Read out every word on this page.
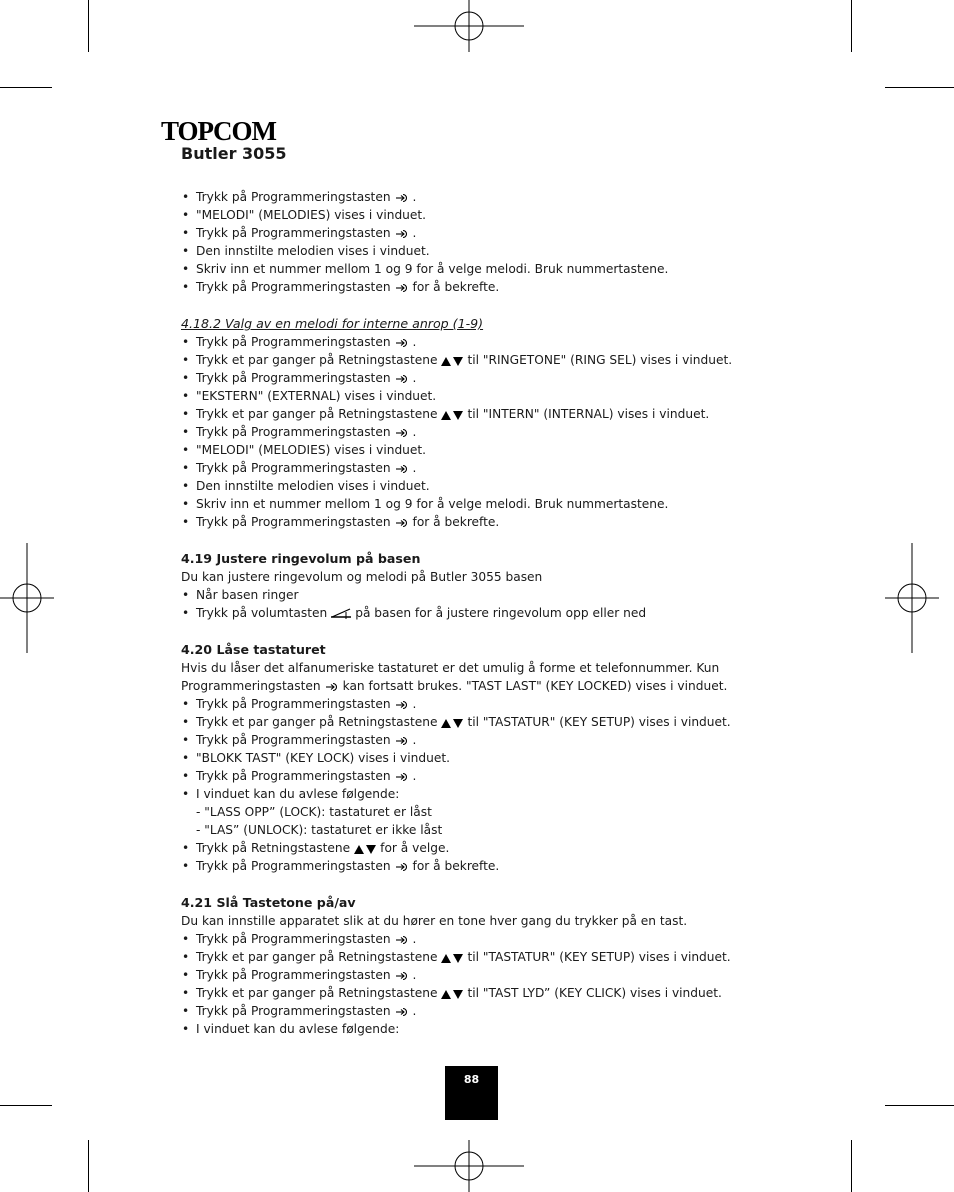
TOPCOM
Butler 3055
• Trykk på Programmeringstasten .
• "MELODI" (MELODIES) vises i vinduet.
• Trykk på Programmeringstasten .
• Den innstilte melodien vises i vinduet.
• Skriv inn et nummer mellom 1 og 9 for å velge melodi. Bruk nummertastene.
• Trykk på Programmeringstasten for å bekrefte.
4.18.2 Valg av en melodi for interne anrop (1-9)
• Trykk på Programmeringstasten .
• Trykk et par ganger på Retningstastene til "RINGETONE" (RING SEL) vises i vinduet.
• Trykk på Programmeringstasten .
• "EKSTERN" (EXTERNAL) vises i vinduet.
• Trykk et par ganger på Retningstastene til "INTERN" (INTERNAL) vises i vinduet.
• Trykk på Programmeringstasten .
• "MELODI" (MELODIES) vises i vinduet.
• Trykk på Programmeringstasten .
• Den innstilte melodien vises i vinduet.
• Skriv inn et nummer mellom 1 og 9 for å velge melodi. Bruk nummertastene.
• Trykk på Programmeringstasten for å bekrefte.
4.19 Justere ringevolum på basen
Du kan justere ringevolum og melodi på Butler 3055 basen
• Når basen ringer
• Trykk på volumtasten på basen for å justere ringevolum opp eller ned
4.20 Låse tastaturet
Hvis du låser det alfanumeriske tastaturet er det umulig å forme et telefonnummer. Kun
Programmeringstasten kan fortsatt brukes. "TAST LAST" (KEY LOCKED) vises i vinduet.
• Trykk på Programmeringstasten .
• Trykk et par ganger på Retningstastene til "TASTATUR" (KEY SETUP) vises i vinduet.
• Trykk på Programmeringstasten .
• "BLOKK TAST" (KEY LOCK) vises i vinduet.
• Trykk på Programmeringstasten .
• I vinduet kan du avlese følgende:
- "LASS OPP” (LOCK): tastaturet er låst
- "LAS” (UNLOCK): tastaturet er ikke låst
• Trykk på Retningstastene for å velge.
• Trykk på Programmeringstasten for å bekrefte.
4.21 Slå Tastetone på/av
Du kan innstille apparatet slik at du hører en tone hver gang du trykker på en tast.
• Trykk på Programmeringstasten .
• Trykk et par ganger på Retningstastene til "TASTATUR" (KEY SETUP) vises i vinduet.
• Trykk på Programmeringstasten .
• Trykk et par ganger på Retningstastene til "TAST LYD” (KEY CLICK) vises i vinduet.
• Trykk på Programmeringstasten .
• I vinduet kan du avlese følgende:
88
